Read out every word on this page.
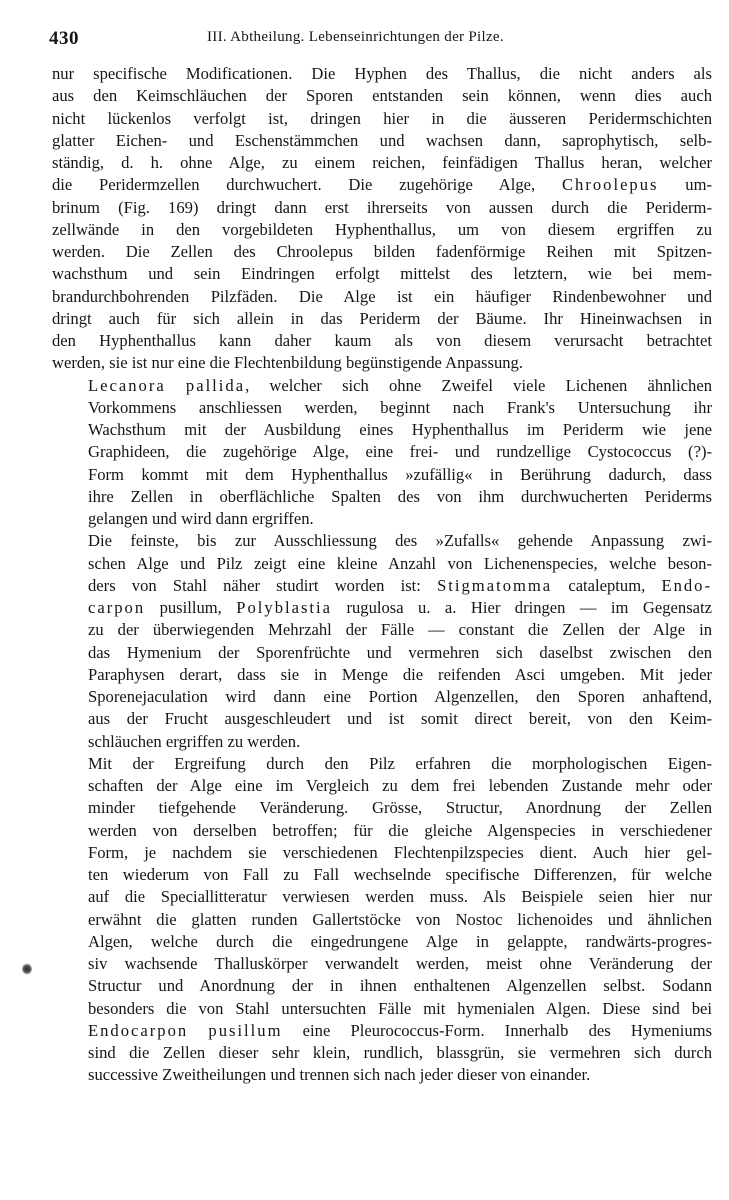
430	III. Abtheilung. Lebenseinrichtungen der Pilze.
nur specifische Modificationen. Die Hyphen des Thallus, die nicht anders als
aus den Keimschläuchen der Sporen entstanden sein können, wenn dies auch
nicht lückenlos verfolgt ist, dringen hier in die äusseren Peridermschichten
glatter Eichen- und Eschenstämmchen und wachsen dann, saprophytisch, selb-
ständig, d. h. ohne Alge, zu einem reichen, feinfädigen Thallus heran, welcher
die Peridermzellen durchwuchert. Die zugehörige Alge, Chroolepus um-
brinum (Fig. 169) dringt dann erst ihrerseits von aussen durch die Periderm-
zellwände in den vorgebildeten Hyphenthallus, um von diesem ergriffen zu
werden. Die Zellen des Chroolepus bilden fadenförmige Reihen mit Spitzen-
wachsthum und sein Eindringen erfolgt mittelst des letztern, wie bei mem-
brandurchbohrenden Pilzfäden. Die Alge ist ein häufiger Rindenbewohner und
dringt auch für sich allein in das Periderm der Bäume. Ihr Hineinwachsen in
den Hyphenthallus kann daher kaum als von diesem verursacht betrachtet
werden, sie ist nur eine die Flechtenbildung begünstigende Anpassung.
Lecanora pallida, welcher sich ohne Zweifel viele Lichenen ähnlichen
Vorkommens anschliessen werden, beginnt nach Frank's Untersuchung ihr
Wachsthum mit der Ausbildung eines Hyphenthallus im Periderm wie jene
Graphideen, die zugehörige Alge, eine frei- und rundzellige Cystococcus (?)-
Form kommt mit dem Hyphenthallus »zufällig« in Berührung dadurch, dass
ihre Zellen in oberflächliche Spalten des von ihm durchwucherten Periderms
gelangen und wird dann ergriffen.
Die feinste, bis zur Ausschliessung des »Zufalls« gehende Anpassung zwi-
schen Alge und Pilz zeigt eine kleine Anzahl von Lichenenspecies, welche beson-
ders von Stahl näher studirt worden ist: Stigmatomma cataleptum, Endo-
carpon pusillum, Polyblastia rugulosa u. a. Hier dringen — im Gegensatz
zu der überwiegenden Mehrzahl der Fälle — constant die Zellen der Alge in
das Hymenium der Sporenfrüchte und vermehren sich daselbst zwischen den
Paraphysen derart, dass sie in Menge die reifenden Asci umgeben. Mit jeder
Sporenejaculation wird dann eine Portion Algenzellen, den Sporen anhaftend,
aus der Frucht ausgeschleudert und ist somit direct bereit, von den Keim-
schläuchen ergriffen zu werden.
Mit der Ergreifung durch den Pilz erfahren die morphologischen Eigen-
schaften der Alge eine im Vergleich zu dem frei lebenden Zustande mehr oder
minder tiefgehende Veränderung. Grösse, Structur, Anordnung der Zellen
werden von derselben betroffen; für die gleiche Algenspecies in verschiedener
Form, je nachdem sie verschiedenen Flechtenpilzspecies dient. Auch hier gel-
ten wiederum von Fall zu Fall wechselnde specifische Differenzen, für welche
auf die Speciallitteratur verwiesen werden muss. Als Beispiele seien hier nur
erwähnt die glatten runden Gallertstöcke von Nostoc lichenoides und ähnlichen
Algen, welche durch die eingedrungene Alge in gelappte, randwärts-progres-
siv wachsende Thalluskörper verwandelt werden, meist ohne Veränderung der
Structur und Anordnung der in ihnen enthaltenen Algenzellen selbst. Sodann
besonders die von Stahl untersuchten Fälle mit hymenialen Algen. Diese sind bei
Endocarpon pusillum eine Pleurococcus-Form. Innerhalb des Hymeniums
sind die Zellen dieser sehr klein, rundlich, blassgrün, sie vermehren sich durch
successive Zweitheilungen und trennen sich nach jeder dieser von einander.
